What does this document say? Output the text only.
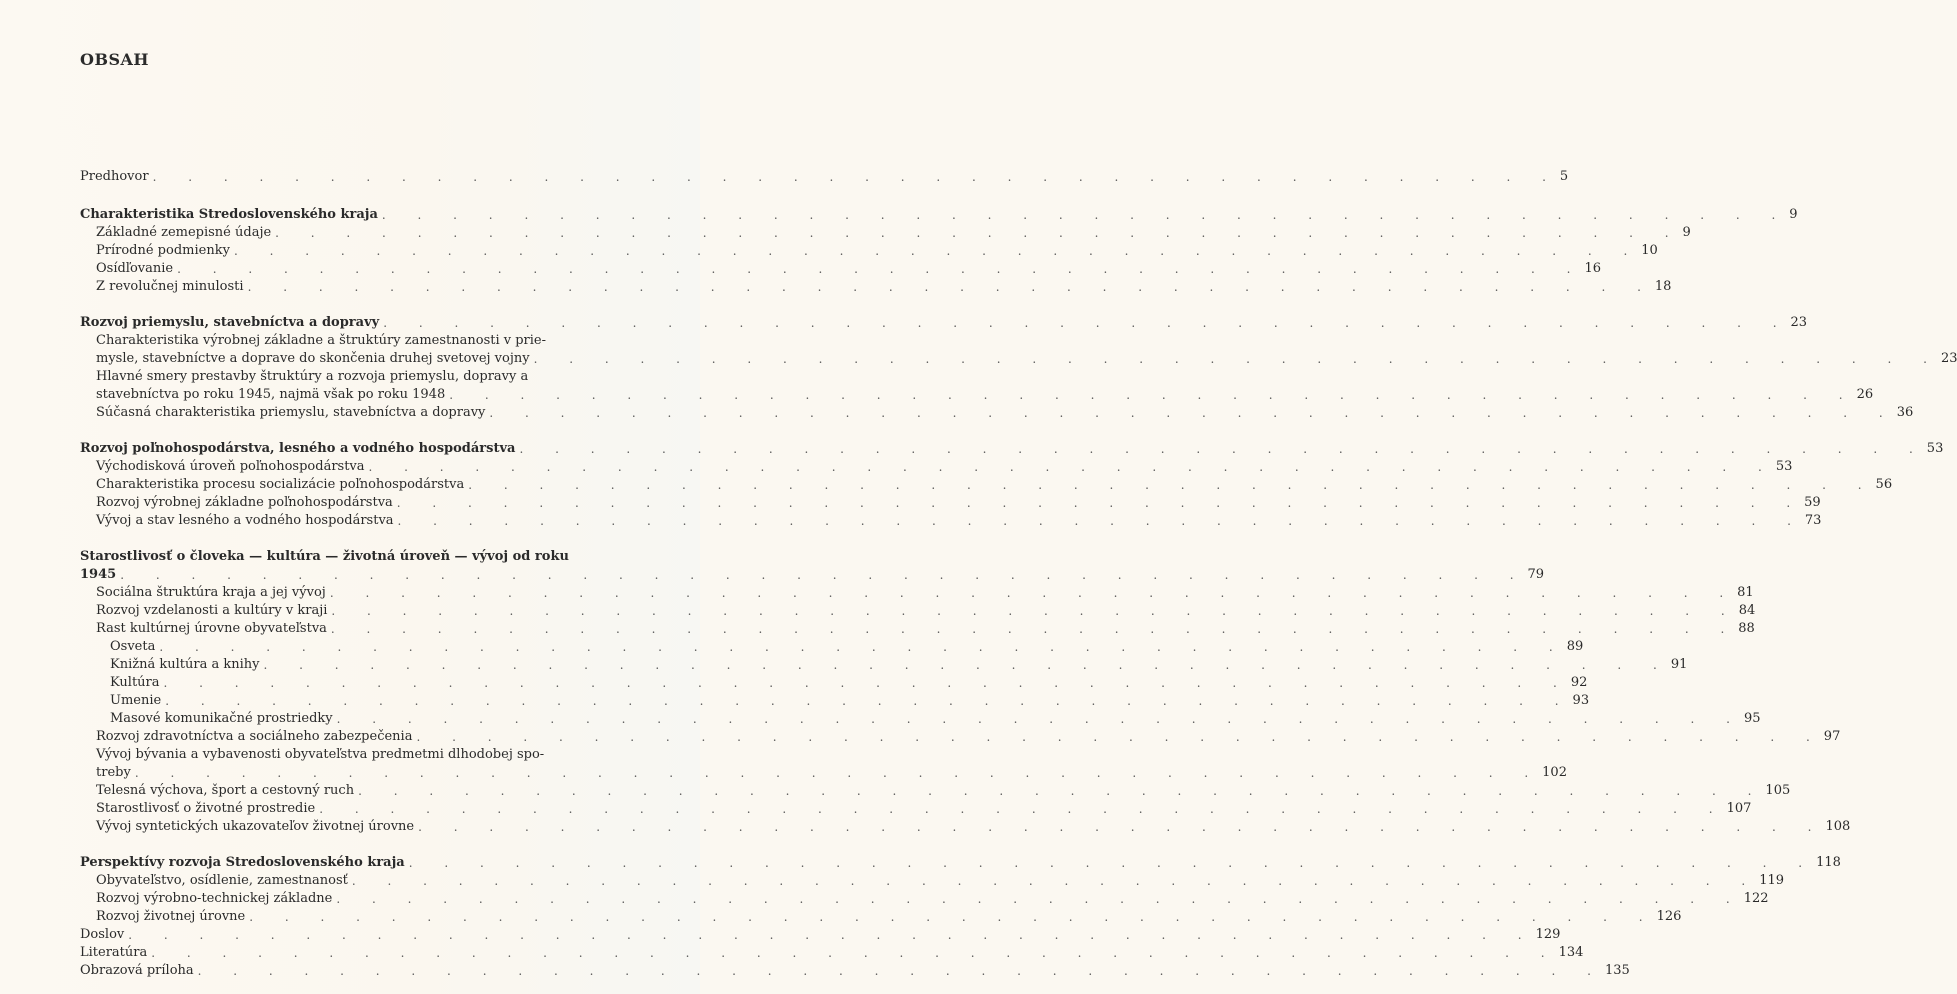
OBSAH
Predhovor . . . . . . . . . . . . . . . . . . . . . . . . . . . . . . . . . . . . . . . . 5
Charakteristika Stredoslovenského kraja . . . . . . . . . . . . . . . . . . . . . . . . . . . . . . . . . . . . . . . . 9
Základné zemepisné údaje . . . . . . . . . . . . . . . . . . . . . . . . . . . . . . . . . . . . . . . . 9
Prírodné podmienky . . . . . . . . . . . . . . . . . . . . . . . . . . . . . . . . . . . . . . . . 10
Osídľovanie . . . . . . . . . . . . . . . . . . . . . . . . . . . . . . . . . . . . . . . . 16
Z revolučnej minulosti . . . . . . . . . . . . . . . . . . . . . . . . . . . . . . . . . . . . . . . . 18
Rozvoj priemyslu, stavebníctva a dopravy . . . . . . . . . . . . . . . . . . . . . . . . . . . . . . . . . . . . . . . . 23
Charakteristika výrobnej základne a štruktúry zamestnanosti v prie-
mysle, stavebníctve a doprave do skončenia druhej svetovej vojny . . . . . . . . . . . . . . . . . . . . . . . . . . . . . . . . . . . . . . . . 23
Hlavné smery prestavby štruktúry a rozvoja priemyslu, dopravy a
stavebníctva po roku 1945, najmä však po roku 1948 . . . . . . . . . . . . . . . . . . . . . . . . . . . . . . . . . . . . . . . . 26
Súčasná charakteristika priemyslu, stavebníctva a dopravy . . . . . . . . . . . . . . . . . . . . . . . . . . . . . . . . . . . . . . . . 36
Rozvoj poľnohospodárstva, lesného a vodného hospodárstva . . . . . . . . . . . . . . . . . . . . . . . . . . . . . . . . . . . . . . . . 53
Východisková úroveň poľnohospodárstva . . . . . . . . . . . . . . . . . . . . . . . . . . . . . . . . . . . . . . . . 53
Charakteristika procesu socializácie poľnohospodárstva . . . . . . . . . . . . . . . . . . . . . . . . . . . . . . . . . . . . . . . . 56
Rozvoj výrobnej základne poľnohospodárstva . . . . . . . . . . . . . . . . . . . . . . . . . . . . . . . . . . . . . . . . 59
Vývoj a stav lesného a vodného hospodárstva . . . . . . . . . . . . . . . . . . . . . . . . . . . . . . . . . . . . . . . . 73
Starostlivosť o človeka — kultúra — životná úroveň — vývoj od roku
1945 . . . . . . . . . . . . . . . . . . . . . . . . . . . . . . . . . . . . . . . . 79
Sociálna štruktúra kraja a jej vývoj . . . . . . . . . . . . . . . . . . . . . . . . . . . . . . . . . . . . . . . . 81
Rozvoj vzdelanosti a kultúry v kraji . . . . . . . . . . . . . . . . . . . . . . . . . . . . . . . . . . . . . . . . 84
Rast kultúrnej úrovne obyvateľstva . . . . . . . . . . . . . . . . . . . . . . . . . . . . . . . . . . . . . . . . 88
Osveta . . . . . . . . . . . . . . . . . . . . . . . . . . . . . . . . . . . . . . . . 89
Knižná kultúra a knihy . . . . . . . . . . . . . . . . . . . . . . . . . . . . . . . . . . . . . . . . 91
Kultúra . . . . . . . . . . . . . . . . . . . . . . . . . . . . . . . . . . . . . . . . 92
Umenie . . . . . . . . . . . . . . . . . . . . . . . . . . . . . . . . . . . . . . . . 93
Masové komunikačné prostriedky . . . . . . . . . . . . . . . . . . . . . . . . . . . . . . . . . . . . . . . . 95
Rozvoj zdravotníctva a sociálneho zabezpečenia . . . . . . . . . . . . . . . . . . . . . . . . . . . . . . . . . . . . . . . . 97
Vývoj bývania a vybavenosti obyvateľstva predmetmi dlhodobej spo-
treby . . . . . . . . . . . . . . . . . . . . . . . . . . . . . . . . . . . . . . . . 102
Telesná výchova, šport a cestovný ruch . . . . . . . . . . . . . . . . . . . . . . . . . . . . . . . . . . . . . . . . 105
Starostlivosť o životné prostredie . . . . . . . . . . . . . . . . . . . . . . . . . . . . . . . . . . . . . . . . 107
Vývoj syntetických ukazovateľov životnej úrovne . . . . . . . . . . . . . . . . . . . . . . . . . . . . . . . . . . . . . . . . 108
Perspektívy rozvoja Stredoslovenského kraja . . . . . . . . . . . . . . . . . . . . . . . . . . . . . . . . . . . . . . . . 118
Obyvateľstvo, osídlenie, zamestnanosť . . . . . . . . . . . . . . . . . . . . . . . . . . . . . . . . . . . . . . . . 119
Rozvoj výrobno-technickej základne . . . . . . . . . . . . . . . . . . . . . . . . . . . . . . . . . . . . . . . . 122
Rozvoj životnej úrovne . . . . . . . . . . . . . . . . . . . . . . . . . . . . . . . . . . . . . . . . 126
Doslov . . . . . . . . . . . . . . . . . . . . . . . . . . . . . . . . . . . . . . . . 129
Literatúra . . . . . . . . . . . . . . . . . . . . . . . . . . . . . . . . . . . . . . . . 134
Obrazová príloha . . . . . . . . . . . . . . . . . . . . . . . . . . . . . . . . . . . . . . . . 135
